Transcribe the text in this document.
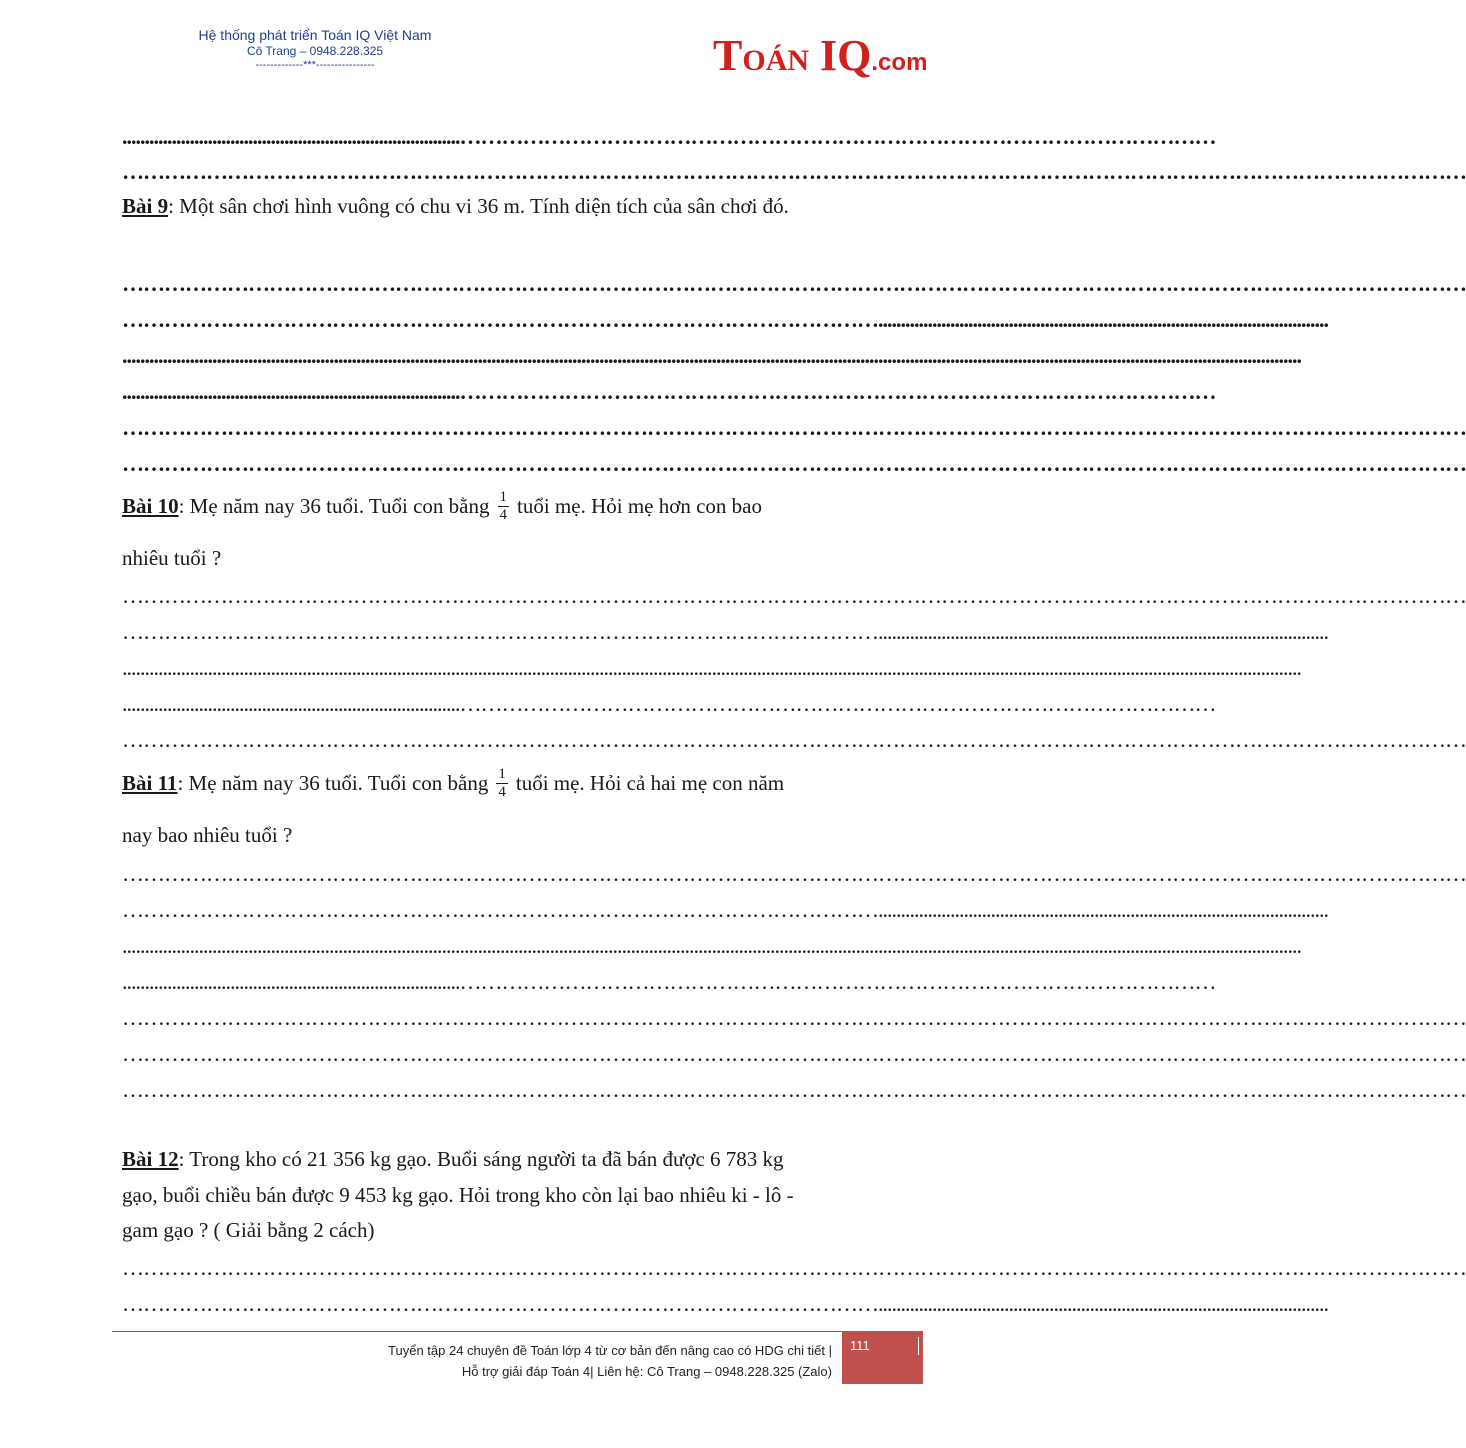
Hệ thống phát triển Toán IQ Việt Nam
Cô Trang – 0948.228.325
-------------***----------------	TOÁN IQ.com
...........................................................................………………………………………………………………………………………………
…………………………………………………………………………………………………………………………………………………………………………
Bài 9: Một sân chơi hình vuông có chu vi 36 m. Tính diện tích của sân chơi đó.
…………………………………………………………………………………………………………………………………………………………………………
………………………………………………………………………………………………....................................................................................................
......................................................................................................................................................................................................................................................................
...........................................................................………………………………………………………………………………………………
…………………………………………………………………………………………………………………………………………………………………………
…………………………………………………………………………………………………………………………………………………………………………
Bài 10: Mẹ năm nay 36 tuổi. Tuổi con bằng $\frac{1}{4}$ tuổi mẹ. Hỏi mẹ hơn con bao
nhiêu tuổi ?
…………………………………………………………………………………………………………………………………………………………………………
………………………………………………………………………………………………....................................................................................................
......................................................................................................................................................................................................................................................................
...........................................................................………………………………………………………………………………………………
…………………………………………………………………………………………………………………………………………………………………………
Bài 11: Mẹ năm nay 36 tuổi. Tuổi con bằng $\frac{1}{4}$ tuổi mẹ. Hỏi cả hai mẹ con năm
nay bao nhiêu tuổi ?
…………………………………………………………………………………………………………………………………………………………………………
………………………………………………………………………………………………....................................................................................................
......................................................................................................................................................................................................................................................................
...........................................................................………………………………………………………………………………………………
…………………………………………………………………………………………………………………………………………………………………………
…………………………………………………………………………………………………………………………………………………………………………
…………………………………………………………………………………………………………………………………………………………………………
Bài 12: Trong kho có 21 356 kg gạo. Buổi sáng người ta đã bán được 6 783 kg
gạo, buổi chiều bán được 9 453 kg gạo. Hỏi trong kho còn lại bao nhiêu ki - lô -
gam gạo ? ( Giải bằng 2 cách)
…………………………………………………………………………………………………………………………………………………………………………
………………………………………………………………………………………………....................................................................................................
Tuyển tập 24 chuyên đề Toán lớp 4 từ cơ bản đến nâng cao có HDG chi tiết |
Hỗ trợ giải đáp Toán 4| Liên hệ: Cô Trang – 0948.228.325 (Zalo)
111
